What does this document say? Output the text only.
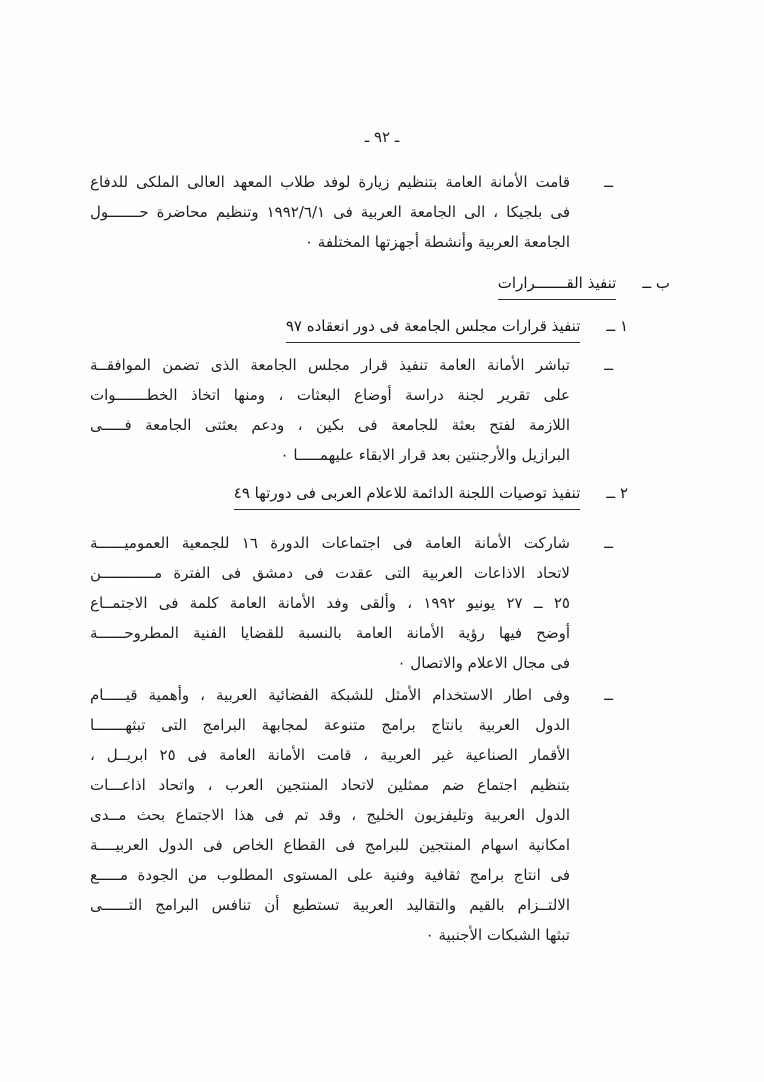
ـ ٩٢ ـ
ــ
قامت الأمانة العامة بتنظيم زيارة لوفد طلاب المعهد العالى الملكى للدفاع
فى بلجيكا ، الى الجامعة العربية فى ١٩٩٢/٦/١ وتنظيم محاضرة حـــــــول
الجامعة العربية وأنشطة أجهزتها المختلفة ٠
ب ــ
تنفيذ القـــــــرارات
١ ــ
تنفيذ قرارات مجلس الجامعة فى دور انعقاده ٩٧
ــ
تباشر الأمانة العامة تنفيذ قرار مجلس الجامعة الذى تضمن الموافقــة
على تقرير لجنة دراسة أوضاع البعثات ، ومنها اتخاذ الخطـــــــوات
اللازمة لفتح بعثة للجامعة فى بكين ، ودعم بعثتى الجامعة فـــــى
البرازيل والأرجنتين بعد قرار الابقاء عليهمـــــا ٠
٢ ــ
تنفيذ توصيات اللجنة الدائمة للاعلام العربى فى دورتها ٤٩
ــ
شاركت الأمانة العامة فى اجتماعات الدورة ١٦ للجمعية العموميــــــة
لاتحاد الاذاعات العربية التى عقدت فى دمشق فى الفترة مــــــــــــن
٢٥ ــ ٢٧ يونيو ١٩٩٢ ، وألقى وفد الأمانة العامة كلمة فى الاجتمــاع
أوضح فيها رؤية الأمانة العامة بالنسبة للقضايا الفنية المطروحــــــة
فى مجال الاعلام والاتصال ٠
ــ
وفى اطار الاستخدام الأمثل للشبكة الفضائية العربية ، وأهمية قيـــــام
الدول العربية بانتاج برامج متنوعة لمجابهة البرامج التى تبثهـــــــا
الأقمار الصناعية غير العربية ، قامت الأمانة العامة فى ٢٥ ابريــل ،
بتنظيم اجتماع ضم ممثلين لاتحاد المنتجين العرب ، واتحاد اذاعـــات
الدول العربية وتليفزيون الخليج ، وقد تم فى هذا الاجتماع بحث مــدى
امكانية اسهام المنتجين للبرامج فى القطاع الخاص فى الدول العربيــــة
فى انتاج برامج ثقافية وفنية على المستوى المطلوب من الجودة مـــــع
الالتــزام بالقيم والتقاليد العربية تستطيع أن تنافس البرامج التــــــى
تبثها الشبكات الأجنبية ٠
